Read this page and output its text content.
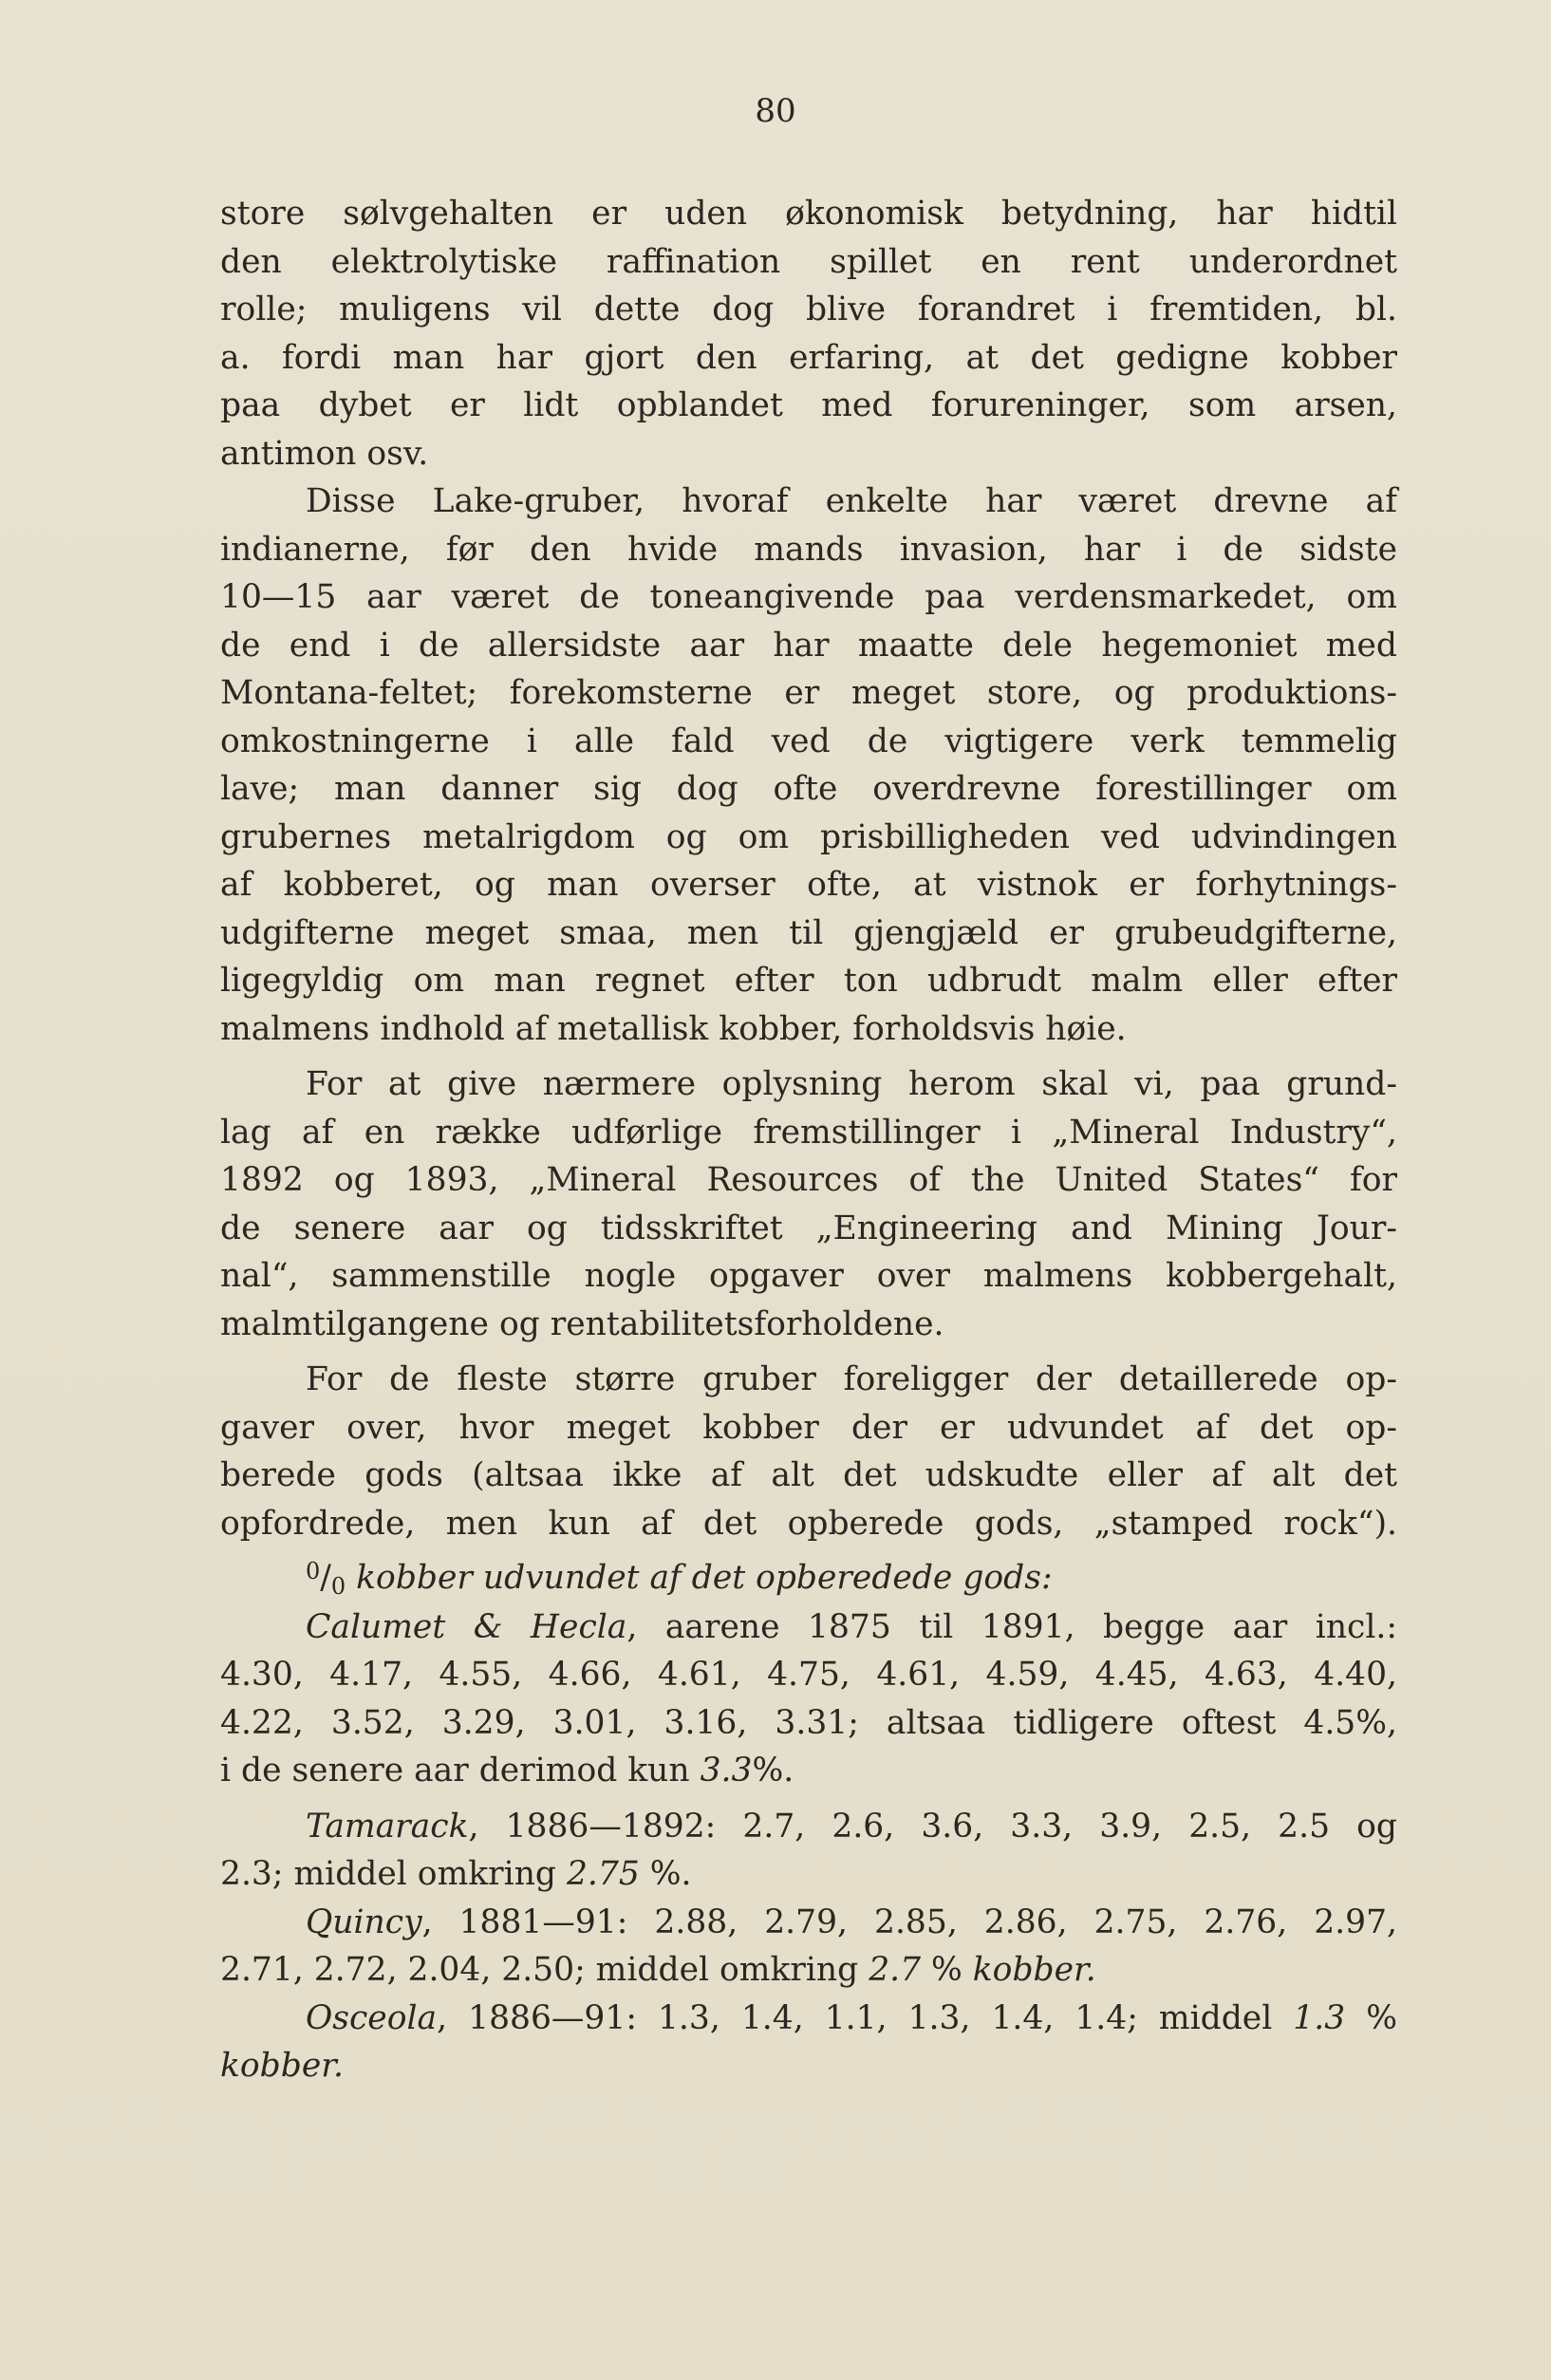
80
store sølvgehalten er uden økonomisk betydning, har hidtil
den elektrolytiske raffination spillet en rent underordnet
rolle; muligens vil dette dog blive forandret i fremtiden, bl.
a. fordi man har gjort den erfaring, at det gedigne kobber
paa dybet er lidt opblandet med forureninger, som arsen,
antimon osv.
Disse Lake-gruber, hvoraf enkelte har været drevne af
indianerne, før den hvide mands invasion, har i de sidste
10—15 aar været de toneangivende paa verdensmarkedet, om
de end i de allersidste aar har maatte dele hegemoniet med
Montana-feltet; forekomsterne er meget store, og produktions-
omkostningerne i alle fald ved de vigtigere verk temmelig
lave; man danner sig dog ofte overdrevne forestillinger om
grubernes metalrigdom og om prisbilligheden ved udvindingen
af kobberet, og man overser ofte, at vistnok er forhytnings-
udgifterne meget smaa, men til gjengjæld er grubeudgifterne,
ligegyldig om man regnet efter ton udbrudt malm eller efter
malmens indhold af metallisk kobber, forholdsvis høie.
For at give nærmere oplysning herom skal vi, paa grund-
lag af en række udførlige fremstillinger i „Mineral Industry“,
1892 og 1893, „Mineral Resources of the United States“ for
de senere aar og tidsskriftet „Engineering and Mining Jour-
nal“, sammenstille nogle opgaver over malmens kobbergehalt,
malmtilgangene og rentabilitetsforholdene.
For de fleste større gruber foreligger der detaillerede op-
gaver over, hvor meget kobber der er udvundet af det op-
berede gods (altsaa ikke af alt det udskudte eller af alt det
opfordrede, men kun af det opberede gods, „stamped rock“).
$^0/_0$ kobber udvundet af det opberedede gods:
Calumet & Hecla, aarene 1875 til 1891, begge aar incl.:
4.30, 4.17, 4.55, 4.66, 4.61, 4.75, 4.61, 4.59, 4.45, 4.63, 4.40,
4.22, 3.52, 3.29, 3.01, 3.16, 3.31; altsaa tidligere oftest 4.5%,
i de senere aar derimod kun 3.3%.
Tamarack, 1886—1892: 2.7, 2.6, 3.6, 3.3, 3.9, 2.5, 2.5 og
2.3; middel omkring 2.75 %.
Quincy, 1881—91: 2.88, 2.79, 2.85, 2.86, 2.75, 2.76, 2.97,
2.71, 2.72, 2.04, 2.50; middel omkring 2.7 % kobber.
Osceola, 1886—91: 1.3, 1.4, 1.1, 1.3, 1.4, 1.4; middel 1.3 %
kobber.
